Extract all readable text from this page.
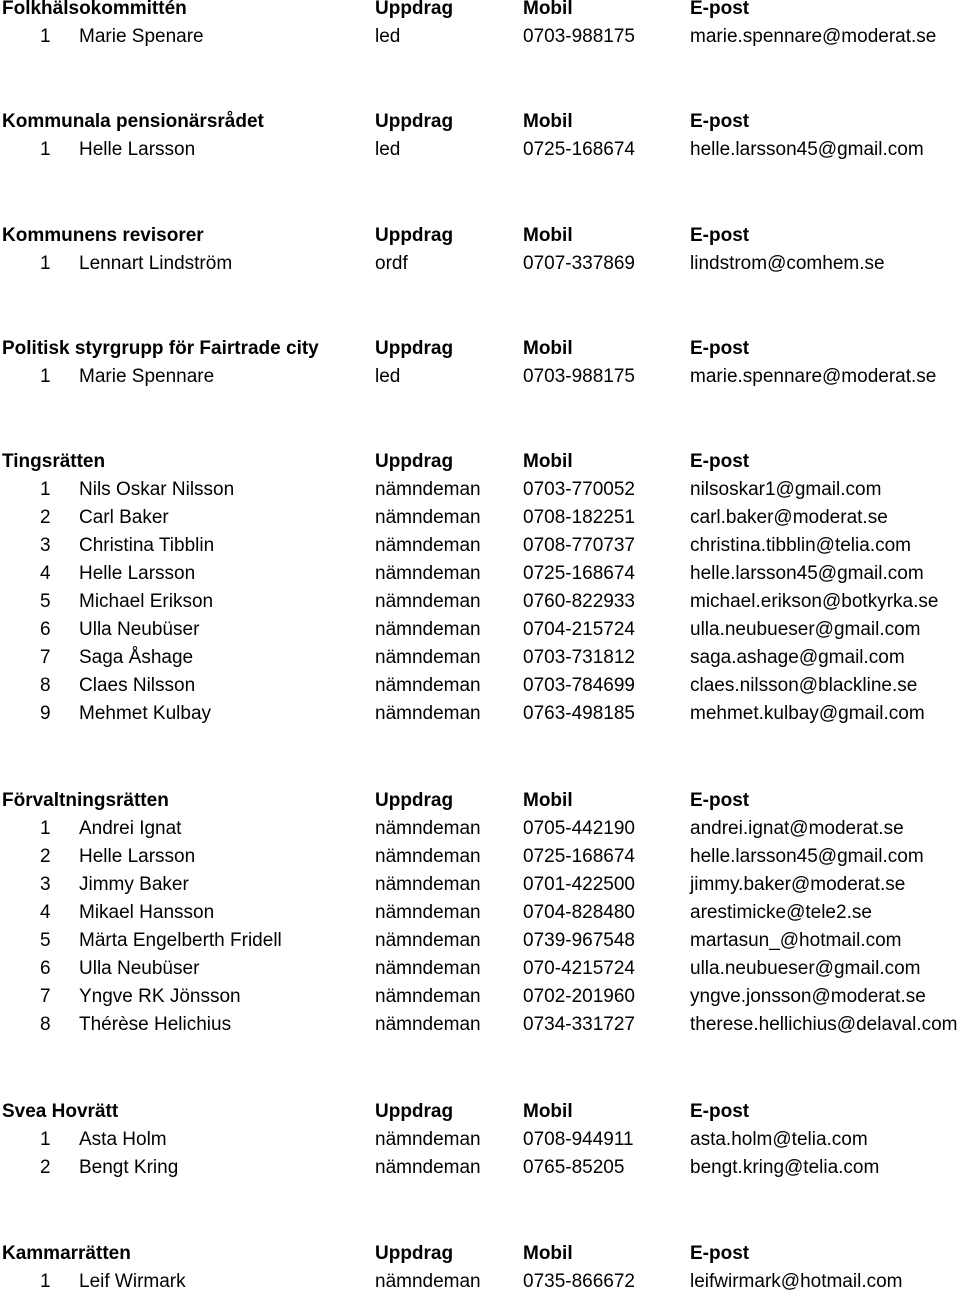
Folkhälsokommittén	Uppdrag	Mobil	E-post
1 Marie Spenare	led	0703-988175	marie.spennare@moderat.se
Kommunala pensionärsrådet	Uppdrag	Mobil	E-post
1 Helle Larsson	led	0725-168674	helle.larsson45@gmail.com
Kommunens revisorer	Uppdrag	Mobil	E-post
1 Lennart Lindström	ordf	0707-337869	lindstrom@comhem.se
Politisk styrgrupp för Fairtrade city	Uppdrag	Mobil	E-post
1 Marie Spennare	led	0703-988175	marie.spennare@moderat.se
Tingsrätten	Uppdrag	Mobil	E-post
1 Nils Oskar Nilsson	nämndeman 0703-770052	nilsoskar1@gmail.com
2 Carl Baker	nämndeman 0708-182251	carl.baker@moderat.se
3 Christina Tibblin	nämndeman 0708-770737	christina.tibblin@telia.com
4 Helle Larsson	nämndeman 0725-168674	helle.larsson45@gmail.com
5 Michael Erikson	nämndeman 0760-822933	michael.erikson@botkyrka.se
6 Ulla Neubüser	nämndeman 0704-215724	ulla.neubueser@gmail.com
7 Saga Åshage	nämndeman 0703-731812	saga.ashage@gmail.com
8 Claes Nilsson	nämndeman 0703-784699	claes.nilsson@blackline.se
9 Mehmet Kulbay	nämndeman 0763-498185	mehmet.kulbay@gmail.com
Förvaltningsrätten	Uppdrag	Mobil	E-post
1 Andrei Ignat	nämndeman 0705-442190	andrei.ignat@moderat.se
2 Helle Larsson	nämndeman 0725-168674	helle.larsson45@gmail.com
3 Jimmy Baker	nämndeman 0701-422500	jimmy.baker@moderat.se
4 Mikael Hansson	nämndeman 0704-828480	arestimicke@tele2.se
5 Märta Engelberth Fridell	nämndeman 0739-967548	martasun_@hotmail.com
6 Ulla Neubüser	nämndeman 070-4215724	ulla.neubueser@gmail.com
7 Yngve RK Jönsson	nämndeman 0702-201960	yngve.jonsson@moderat.se
8 Thérèse Helichius	nämndeman 0734-331727	therese.hellichius@delaval.com
Svea Hovrätt	Uppdrag	Mobil	E-post
1 Asta Holm	nämndeman 0708-944911	asta.holm@telia.com
2 Bengt Kring	nämndeman 0765-85205	bengt.kring@telia.com
Kammarrätten	Uppdrag	Mobil	E-post
1 Leif Wirmark	nämndeman 0735-866672	leifwirmark@hotmail.com
